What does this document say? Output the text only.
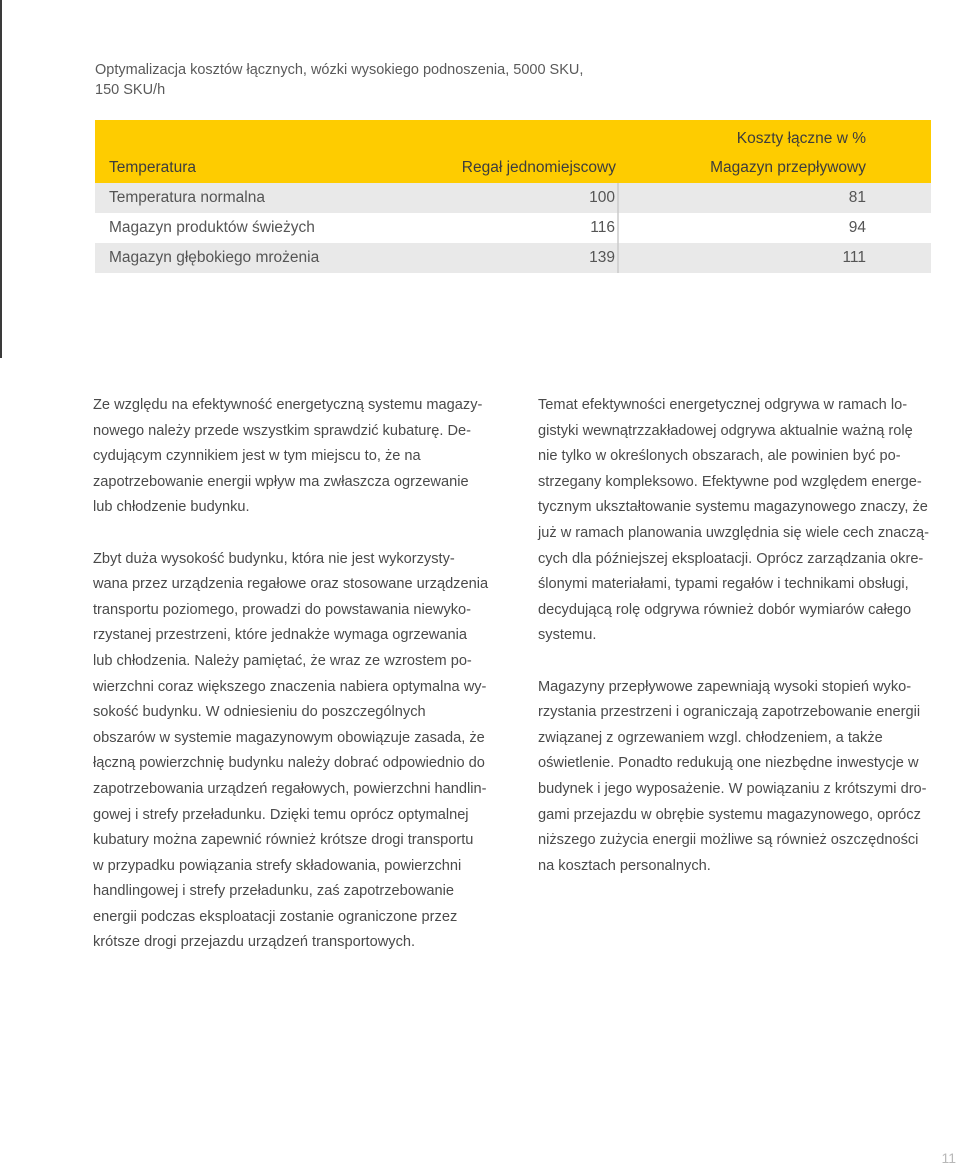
Optymalizacja kosztów łącznych, wózki wysokiego podnoszenia, 5000 SKU,
150 SKU/h
Koszty łączne w %
Temperatura	Regał jednomiejscowy	Magazyn przepływowy
Temperatura normalna	100	81
Magazyn produktów świeżych	116	94
Magazyn głębokiego mrożenia	139	111

Ze względu na efektywność energetyczną systemu magazy-
nowego należy przede wszystkim sprawdzić kubaturę. De-
cydującym czynnikiem jest w tym miejscu to, że na
zapotrzebowanie energii wpływ ma zwłaszcza ogrzewanie
lub chłodzenie budynku.

Zbyt duża wysokość budynku, która nie jest wykorzysty-
wana przez urządzenia regałowe oraz stosowane urządzenia
transportu poziomego, prowadzi do powstawania niewyko-
rzystanej przestrzeni, które jednakże wymaga ogrzewania
lub chłodzenia. Należy pamiętać, że wraz ze wzrostem po-
wierzchni coraz większego znaczenia nabiera optymalna wy-
sokość budynku. W odniesieniu do poszczególnych
obszarów w systemie magazynowym obowiązuje zasada, że
łączną powierzchnię budynku należy dobrać odpowiednio do
zapotrzebowania urządzeń regałowych, powierzchni handlin-
gowej i strefy przeładunku. Dzięki temu oprócz optymalnej
kubatury można zapewnić również krótsze drogi transportu
w przypadku powiązania strefy składowania, powierzchni
handlingowej i strefy przeładunku, zaś zapotrzebowanie
energii podczas eksploatacji zostanie ograniczone przez
krótsze drogi przejazdu urządzeń transportowych.

Temat efektywności energetycznej odgrywa w ramach lo-
gistyki wewnątrzzakładowej odgrywa aktualnie ważną rolę
nie tylko w określonych obszarach, ale powinien być po-
strzegany kompleksowo. Efektywne pod względem energe-
tycznym ukształtowanie systemu magazynowego znaczy, że
już w ramach planowania uwzględnia się wiele cech znaczą-
cych dla późniejszej eksploatacji. Oprócz zarządzania okre-
ślonymi materiałami, typami regałów i technikami obsługi,
decydującą rolę odgrywa również dobór wymiarów całego
systemu.

Magazyny przepływowe zapewniają wysoki stopień wyko-
rzystania przestrzeni i ograniczają zapotrzebowanie energii
związanej z ogrzewaniem wzgl. chłodzeniem, a także
oświetlenie. Ponadto redukują one niezbędne inwestycje w
budynek i jego wyposażenie. W powiązaniu z krótszymi dro-
gami przejazdu w obrębie systemu magazynowego, oprócz
niższego zużycia energii możliwe są również oszczędności
na kosztach personalnych.

11
